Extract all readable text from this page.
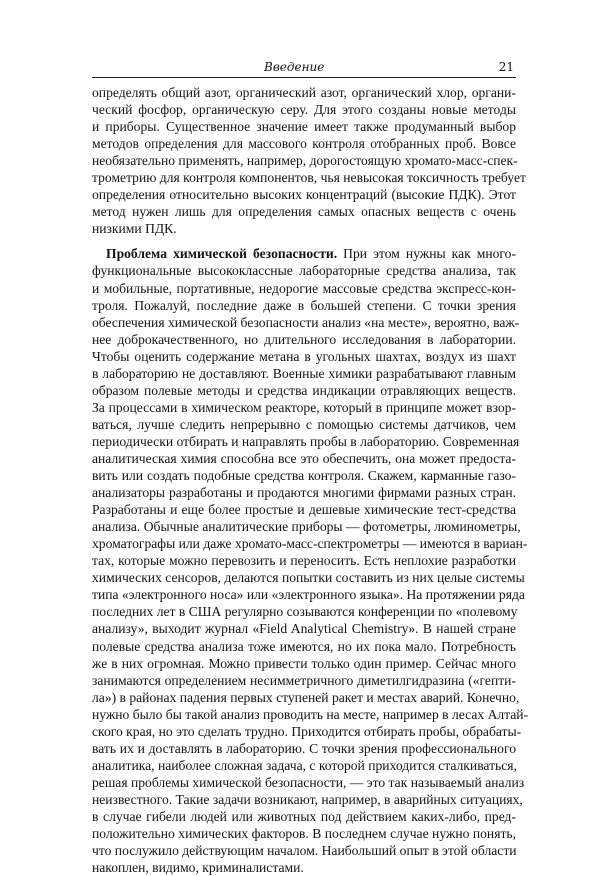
Введение	21
определять общий азот, органический азот, органический хлор, органи-
ческий фосфор, органическую серу. Для этого созданы новые методы
и приборы. Существенное значение имеет также продуманный выбор
методов определения для массового контроля отобранных проб. Вовсе
необязательно применять, например, дорогостоящую хромато-масс-спек-
трометрию для контроля компонентов, чья невысокая токсичность требует
определения относительно высоких концентраций (высокие ПДК). Этот
метод нужен лишь для определения самых опасных веществ с очень
низкими ПДК.
Проблема химической безопасности. При этом нужны как много-
функциональные высококлассные лабораторные средства анализа, так
и мобильные, портативные, недорогие массовые средства экспресс-кон-
троля. Пожалуй, последние даже в большей степени. С точки зрения
обеспечения химической безопасности анализ «на месте», вероятно, важ-
нее доброкачественного, но длительного исследования в лаборатории.
Чтобы оценить содержание метана в угольных шахтах, воздух из шахт
в лабораторию не доставляют. Военные химики разрабатывают главным
образом полевые методы и средства индикации отравляющих веществ.
За процессами в химическом реакторе, который в принципе может взор-
ваться, лучше следить непрерывно с помощью системы датчиков, чем
периодически отбирать и направлять пробы в лабораторию. Современная
аналитическая химия способна все это обеспечить, она может предоста-
вить или создать подобные средства контроля. Скажем, карманные газо-
анализаторы разработаны и продаются многими фирмами разных стран.
Разработаны и еще более простые и дешевые химические тест-средства
анализа. Обычные аналитические приборы — фотометры, люминометры,
хроматографы или даже хромато-масс-спектрометры — имеются в вариан-
тах, которые можно перевозить и переносить. Есть неплохие разработки
химических сенсоров, делаются попытки составить из них целые системы
типа «электронного носа» или «электронного языка». На протяжении ряда
последних лет в США регулярно созываются конференции по «полевому
анализу», выходит журнал «Field Analytical Chemistry». В нашей стране
полевые средства анализа тоже имеются, но их пока мало. Потребность
же в них огромная. Можно привести только один пример. Сейчас много
занимаются определением несимметричного диметилгидразина («гепти-
ла») в районах падения первых ступеней ракет и местах аварий. Конечно,
нужно было бы такой анализ проводить на месте, например в лесах Алтай-
ского края, но это сделать трудно. Приходится отбирать пробы, обрабаты-
вать их и доставлять в лабораторию. С точки зрения профессионального
аналитика, наиболее сложная задача, с которой приходится сталкиваться,
решая проблемы химической безопасности, — это так называемый анализ
неизвестного. Такие задачи возникают, например, в аварийных ситуациях,
в случае гибели людей или животных под действием каких-либо, пред-
положительно химических факторов. В последнем случае нужно понять,
что послужило действующим началом. Наибольший опыт в этой области
накоплен, видимо, криминалистами.
